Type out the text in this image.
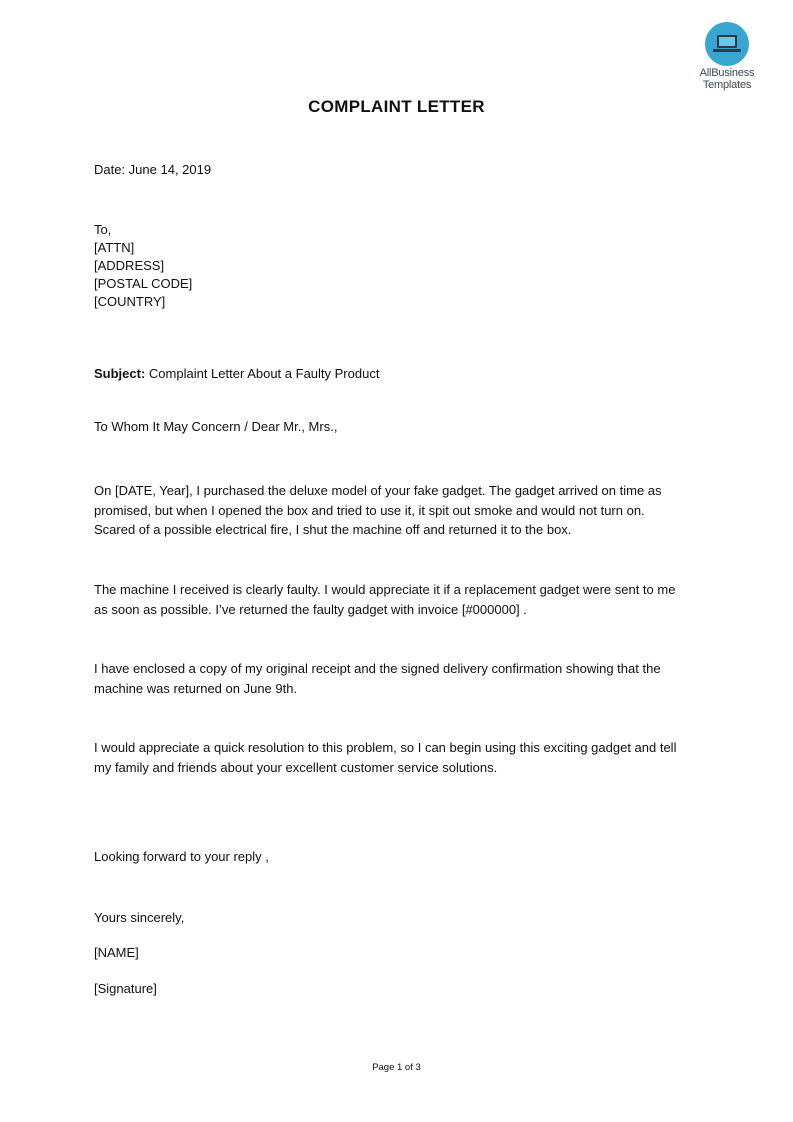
AllBusiness
Templates
COMPLAINT LETTER
Date: June 14, 2019
To,
[ATTN]
[ADDRESS]
[POSTAL CODE]
[COUNTRY]
Subject: Complaint Letter About a Faulty Product
To Whom It May Concern / Dear Mr., Mrs.,
On [DATE, Year], I purchased the deluxe model of your fake gadget. The gadget arrived on time as
promised, but when I opened the box and tried to use it, it spit out smoke and would not turn on.
Scared of a possible electrical fire, I shut the machine off and returned it to the box.
The machine I received is clearly faulty. I would appreciate it if a replacement gadget were sent to me
as soon as possible. I’ve returned the faulty gadget with invoice [#000000] .
I have enclosed a copy of my original receipt and the signed delivery confirmation showing that the
machine was returned on June 9th.
I would appreciate a quick resolution to this problem, so I can begin using this exciting gadget and tell
my family and friends about your excellent customer service solutions.
Looking forward to your reply ,
Yours sincerely,
[NAME]
[Signature]
Page 1 of 3
